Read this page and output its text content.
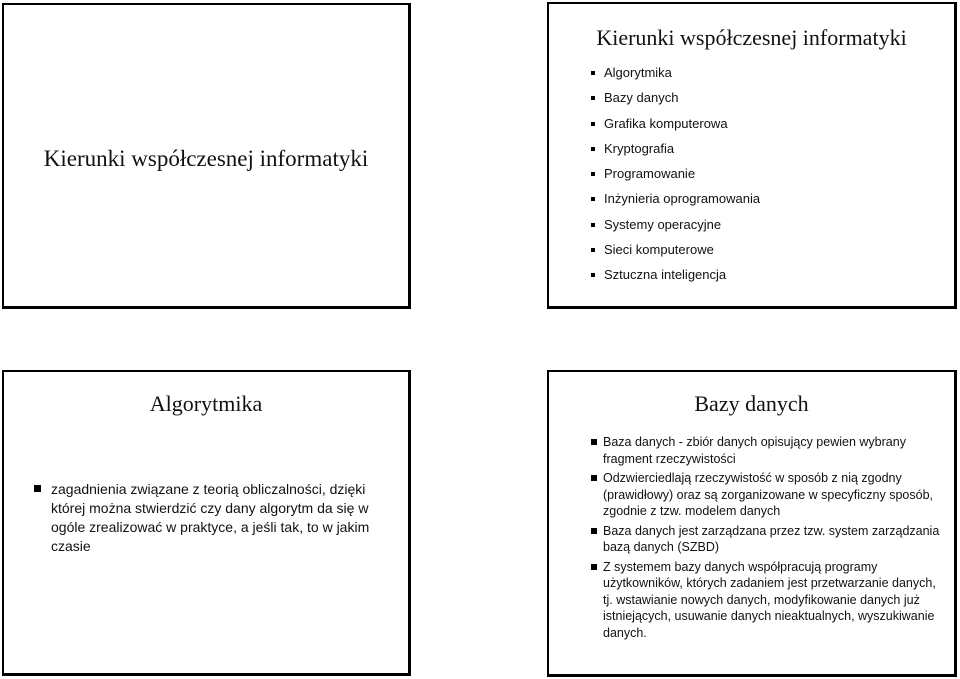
Kierunki współczesnej informatyki
Kierunki współczesnej informatyki
Algorytmika
Bazy danych
Grafika komputerowa
Kryptografia
Programowanie
Inżynieria oprogramowania
Systemy operacyjne
Sieci komputerowe
Sztuczna inteligencja
Algorytmika
zagadnienia związane z teorią obliczalności, dzięki której można stwierdzić czy dany algorytm da się w ogóle zrealizować w praktyce, a jeśli tak, to w jakim czasie
Bazy danych
Baza danych - zbiór danych opisujący pewien wybrany fragment rzeczywistości
Odzwierciedlają rzeczywistość w sposób z nią zgodny (prawidłowy) oraz są zorganizowane w specyficzny sposób, zgodnie z tzw. modelem danych
Baza danych jest zarządzana przez tzw. system zarządzania bazą danych (SZBD)
Z systemem bazy danych współpracują programy użytkowników, których zadaniem jest przetwarzanie danych, tj. wstawianie nowych danych, modyfikowanie danych już istniejących, usuwanie danych nieaktualnych, wyszukiwanie danych.
